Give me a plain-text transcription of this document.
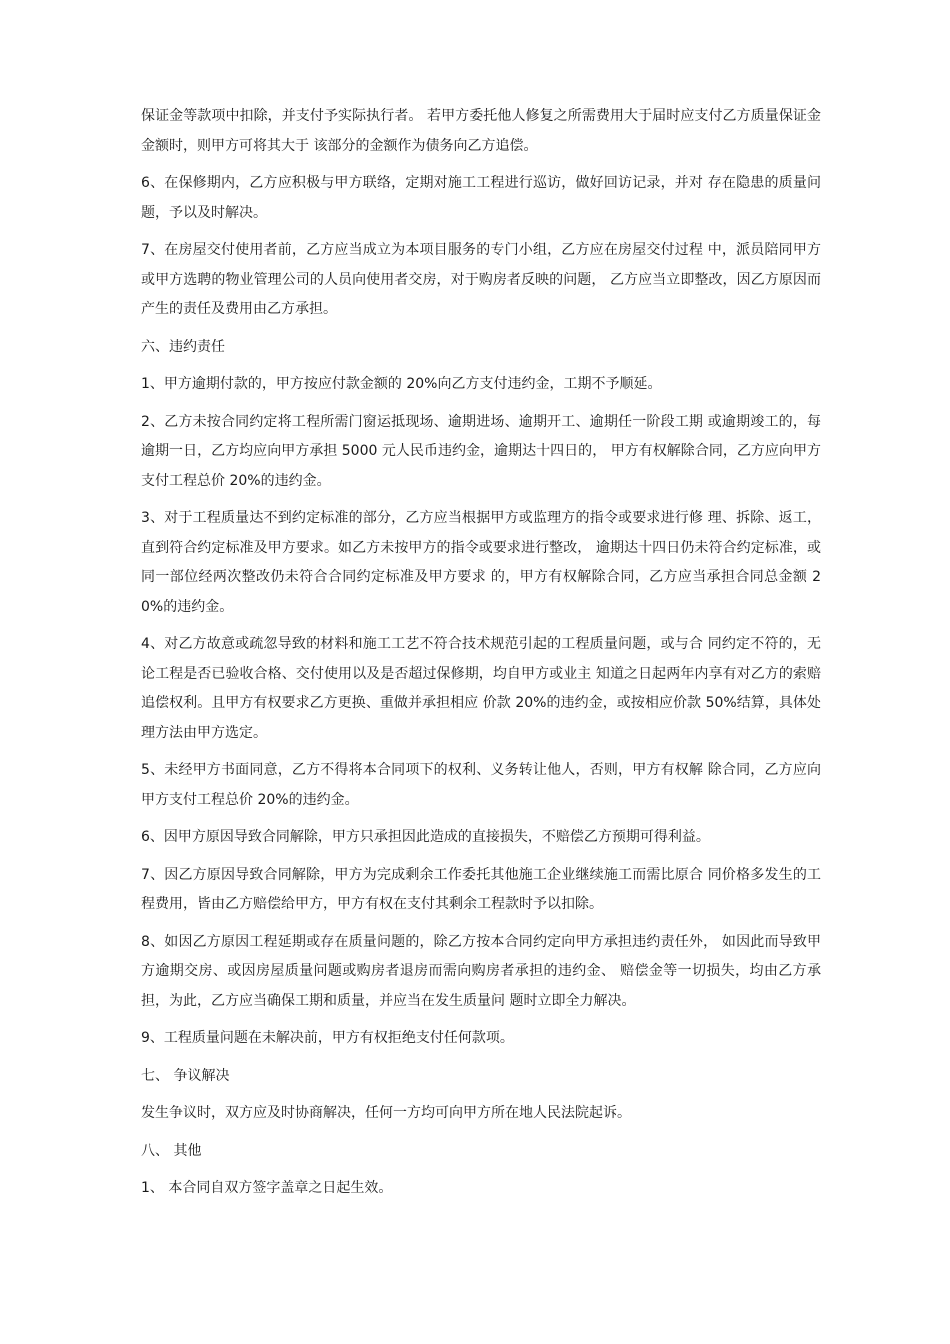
保证金等款项中扣除，并支付予实际执行者。 若甲方委托他人修复之所需费用大于届时应支付乙方质量保证金金额时，则甲方可将其大于 该部分的金额作为债务向乙方追偿。

6、在保修期内，乙方应积极与甲方联络，定期对施工工程进行巡访，做好回访记录，并对 存在隐患的质量问题，予以及时解决。

7、在房屋交付使用者前，乙方应当成立为本项目服务的专门小组，乙方应在房屋交付过程 中，派员陪同甲方或甲方选聘的物业管理公司的人员向使用者交房，对于购房者反映的问题， 乙方应当立即整改，因乙方原因而产生的责任及费用由乙方承担。

六、违约责任

1、甲方逾期付款的，甲方按应付款金额的 20%向乙方支付违约金，工期不予顺延。

2、乙方未按合同约定将工程所需门窗运抵现场、逾期进场、逾期开工、逾期任一阶段工期 或逾期竣工的，每逾期一日，乙方均应向甲方承担 5000 元人民币违约金，逾期达十四日的， 甲方有权解除合同，乙方应向甲方支付工程总价 20%的违约金。

3、对于工程质量达不到约定标准的部分，乙方应当根据甲方或监理方的指令或要求进行修 理、拆除、返工，直到符合约定标准及甲方要求。如乙方未按甲方的指令或要求进行整改， 逾期达十四日仍未符合约定标准，或同一部位经两次整改仍未符合合同约定标准及甲方要求 的，甲方有权解除合同，乙方应当承担合同总金额 20%的违约金。

4、对乙方故意或疏忽导致的材料和施工工艺不符合技术规范引起的工程质量问题，或与合 同约定不符的，无论工程是否已验收合格、交付使用以及是否超过保修期，均自甲方或业主 知道之日起两年内享有对乙方的索赔追偿权利。且甲方有权要求乙方更换、重做并承担相应 价款 20%的违约金，或按相应价款 50%结算，具体处理方法由甲方选定。

5、未经甲方书面同意，乙方不得将本合同项下的权利、义务转让他人，否则，甲方有权解 除合同，乙方应向甲方支付工程总价 20%的违约金。

6、因甲方原因导致合同解除，甲方只承担因此造成的直接损失，不赔偿乙方预期可得利益。

7、因乙方原因导致合同解除，甲方为完成剩余工作委托其他施工企业继续施工而需比原合 同价格多发生的工程费用，皆由乙方赔偿给甲方，甲方有权在支付其剩余工程款时予以扣除。

8、如因乙方原因工程延期或存在质量问题的，除乙方按本合同约定向甲方承担违约责任外， 如因此而导致甲方逾期交房、或因房屋质量问题或购房者退房而需向购房者承担的违约金、 赔偿金等一切损失，均由乙方承担，为此，乙方应当确保工期和质量，并应当在发生质量问 题时立即全力解决。

9、工程质量问题在未解决前，甲方有权拒绝支付任何款项。

七、 争议解决

发生争议时，双方应及时协商解决，任何一方均可向甲方所在地人民法院起诉。

八、 其他

1、 本合同自双方签字盖章之日起生效。
